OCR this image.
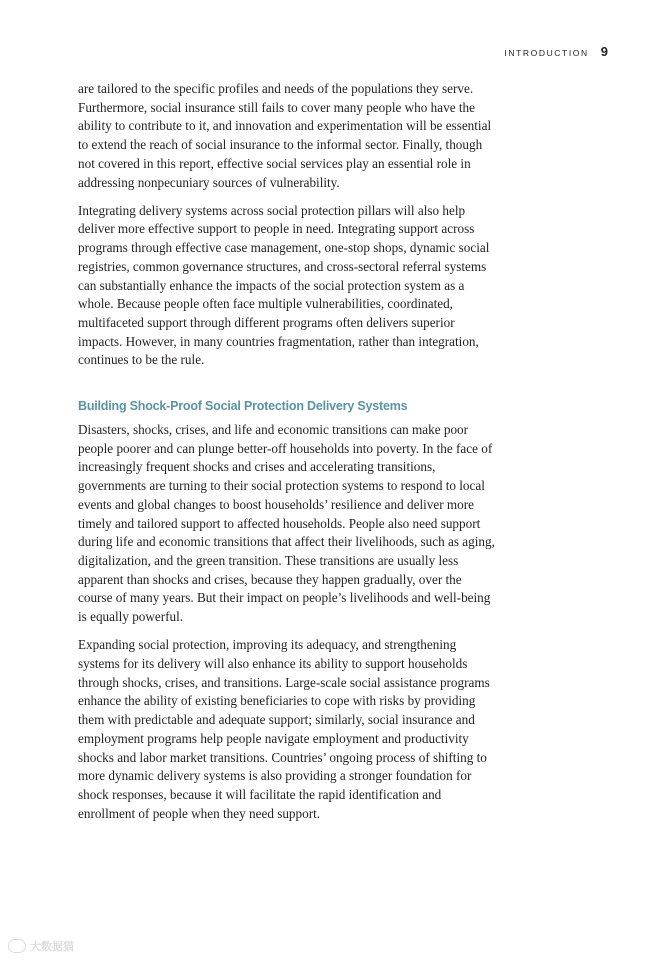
INTRODUCTION 9

are tailored to the specific profiles and needs of the populations they serve. Furthermore, social insurance still fails to cover many people who have the ability to contribute to it, and innovation and experimentation will be essential to extend the reach of social insurance to the informal sector. Finally, though not covered in this report, effective social services play an essential role in addressing nonpecuniary sources of vulnerability.

Integrating delivery systems across social protection pillars will also help deliver more effective support to people in need. Integrating support across programs through effective case management, one-stop shops, dynamic social registries, common governance structures, and cross-sectoral referral systems can substantially enhance the impacts of the social protection system as a whole. Because people often face multiple vulnerabilities, coordinated, multifaceted support through different programs often delivers superior impacts. However, in many countries fragmentation, rather than integration, continues to be the rule.

Building Shock-Proof Social Protection Delivery Systems

Disasters, shocks, crises, and life and economic transitions can make poor people poorer and can plunge better-off households into poverty. In the face of increasingly frequent shocks and crises and accelerating transitions, governments are turning to their social protection systems to respond to local events and global changes to boost households’ resilience and deliver more timely and tailored support to affected households. People also need support during life and economic transitions that affect their livelihoods, such as aging, digitalization, and the green transition. These transitions are usually less apparent than shocks and crises, because they happen gradually, over the course of many years. But their impact on people’s livelihoods and well-being is equally powerful.

Expanding social protection, improving its adequacy, and strengthening systems for its delivery will also enhance its ability to support households through shocks, crises, and transitions. Large-scale social assistance programs enhance the ability of existing beneficiaries to cope with risks by providing them with predictable and adequate support; similarly, social insurance and employment programs help people navigate employment and productivity shocks and labor market transitions. Countries’ ongoing process of shifting to more dynamic delivery systems is also providing a stronger foundation for shock responses, because it will facilitate the rapid identification and enrollment of people when they need support.

大数据猫
